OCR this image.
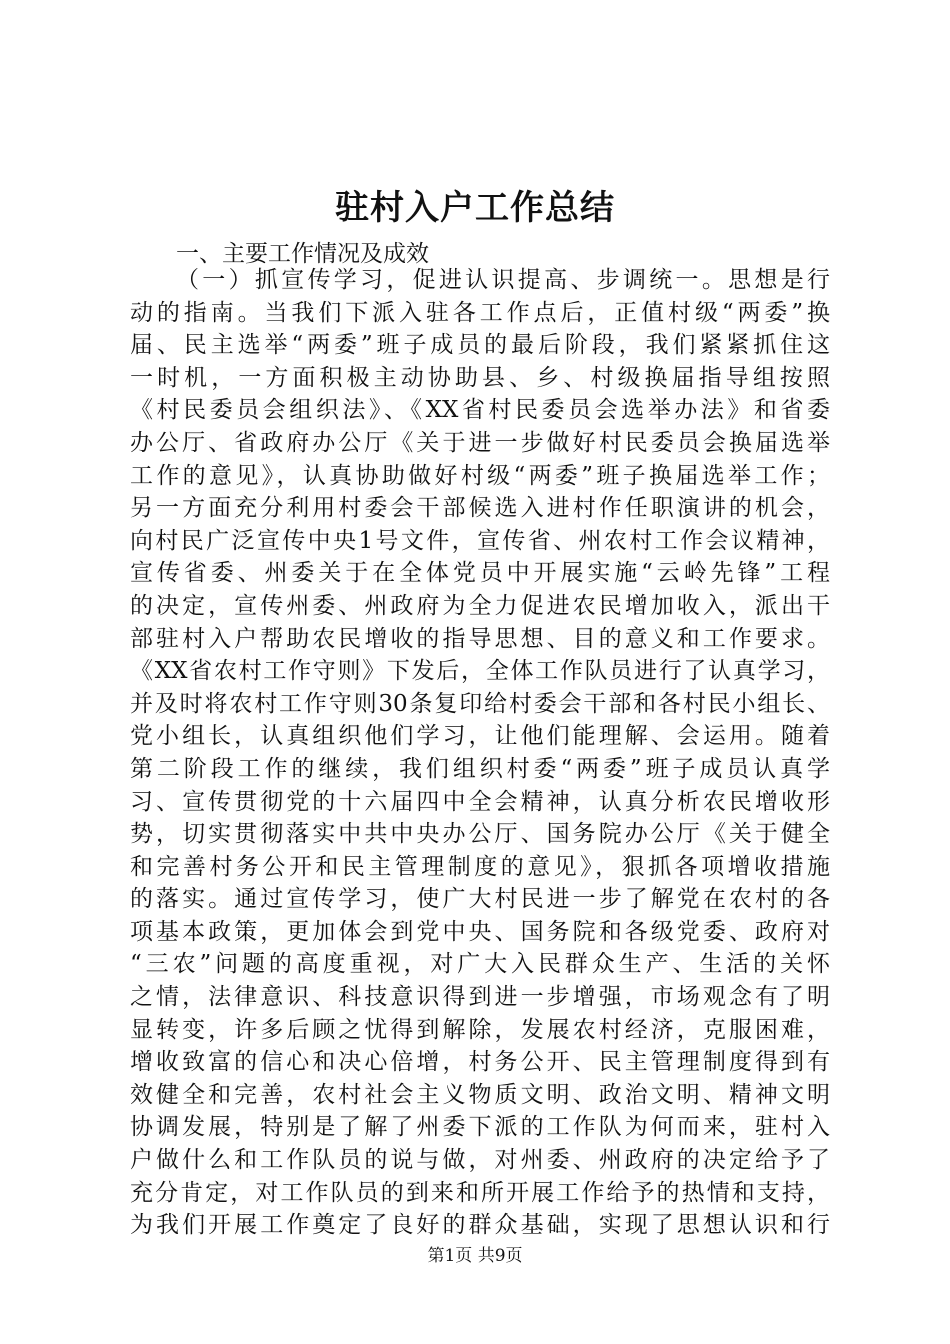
驻村入户工作总结
一、主要工作情况及成效
（一）抓宣传学习，促进认识提高、步调统一。思想是行
动的指南。当我们下派入驻各工作点后，正值村级“两委”换
届、民主选举“两委”班子成员的最后阶段，我们紧紧抓住这
一时机，一方面积极主动协助县、乡、村级换届指导组按照
《村民委员会组织法》、《XX省村民委员会选举办法》和省委
办公厅、省政府办公厅《关于进一步做好村民委员会换届选举
工作的意见》，认真协助做好村级“两委”班子换届选举工作；
另一方面充分利用村委会干部候选入进村作任职演讲的机会，
向村民广泛宣传中央1号文件，宣传省、州农村工作会议精神，
宣传省委、州委关于在全体党员中开展实施“云岭先锋”工程
的决定，宣传州委、州政府为全力促进农民增加收入，派出干
部驻村入户帮助农民增收的指导思想、目的意义和工作要求。
《XX省农村工作守则》下发后，全体工作队员进行了认真学习，
并及时将农村工作守则30条复印给村委会干部和各村民小组长、
党小组长，认真组织他们学习，让他们能理解、会运用。随着
第二阶段工作的继续，我们组织村委“两委”班子成员认真学
习、宣传贯彻党的十六届四中全会精神，认真分析农民增收形
势，切实贯彻落实中共中央办公厅、国务院办公厅《关于健全
和完善村务公开和民主管理制度的意见》，狠抓各项增收措施
的落实。通过宣传学习，使广大村民进一步了解党在农村的各
项基本政策，更加体会到党中央、国务院和各级党委、政府对
“三农”问题的高度重视，对广大入民群众生产、生活的关怀
之情，法律意识、科技意识得到进一步增强，市场观念有了明
显转变，许多后顾之忧得到解除，发展农村经济，克服困难，
增收致富的信心和决心倍增，村务公开、民主管理制度得到有
效健全和完善，农村社会主义物质文明、政治文明、精神文明
协调发展，特别是了解了州委下派的工作队为何而来，驻村入
户做什么和工作队员的说与做，对州委、州政府的决定给予了
充分肯定，对工作队员的到来和所开展工作给予的热情和支持，
为我们开展工作奠定了良好的群众基础，实现了思想认识和行
第1页 共9页
